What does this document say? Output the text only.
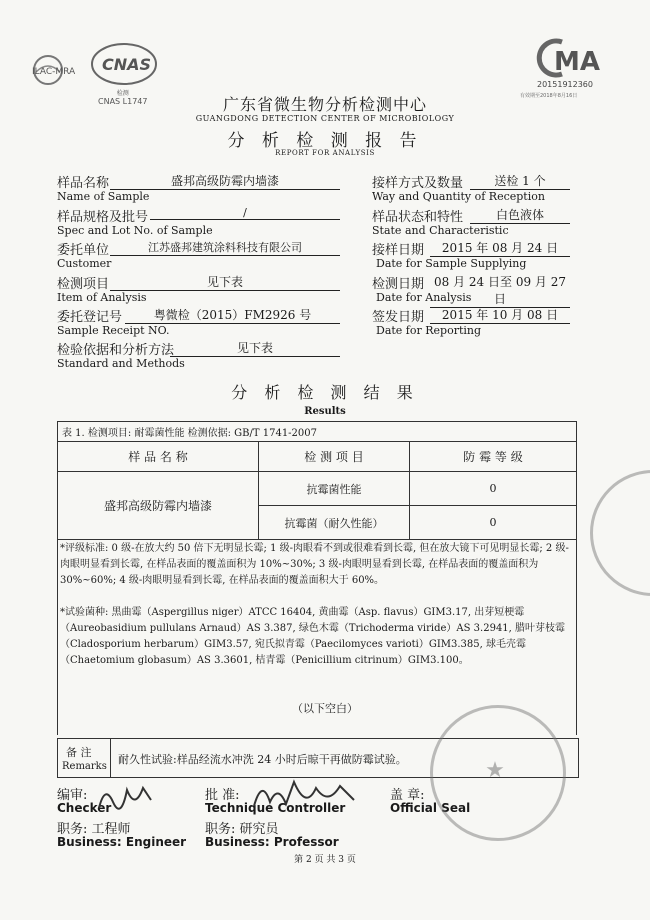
ILAC-MRA CNAS
检测
CNAS L1747
MA
20151912360
有效期至2018年8月16日
广东省微生物分析检测中心
GUANGDONG DETECTION CENTER OF MICROBIOLOGY
分 析 检 测 报 告
REPORT FOR ANALYSIS
样品名称	盛邦高级防霉内墙漆
Name of Sample
样品规格及批号	/
Spec and Lot No. of Sample
委托单位	江苏盛邦建筑涂料科技有限公司
Customer
检测项目	见下表
Item of Analysis
委托登记号	粤微检（2015）FM2926 号
Sample Receipt NO.
检验依据和分析方法	见下表
Standard and Methods
接样方式及数量	送检 1 个
Way and Quantity of Reception
样品状态和特性	白色液体
State and Characteristic
接样日期	2015 年 08 月 24 日
Date for Sample Supplying
检测日期 08 月 24 日至 09 月 27 日
Date for Analysis
签发日期	2015 年 10 月 08 日
Date for Reporting
分 析 检 测 结 果
Results
表 1. 检测项目: 耐霉菌性能 检测依据: GB/T 1741-2007		
样 品 名 称	检 测 项 目	防 霉 等 级
盛邦高级防霉内墙漆	抗霉菌性能	0
	抗霉菌（耐久性能）	0

*评级标准: 0 级-在放大约 50 倍下无明显长霉; 1 级-肉眼看不到或很难看到长霉, 但在放大镜下可见明显长霉; 2 级-肉眼明显看到长霉, 在样品表面的覆盖面积为 10%~30%; 3 级-肉眼明显看到长霉, 在样品表面的覆盖面积为 30%~60%; 4 级-肉眼明显看到长霉, 在样品表面的覆盖面积大于 60%。
*试验菌种: 黑曲霉（Aspergillus niger）ATCC 16404, 黄曲霉（Asp. flavus）GIM3.17, 出芽短梗霉（Aureobasidium pullulans Arnaud）AS 3.387, 绿色木霉（Trichoderma viride）AS 3.2941, 腊叶芽枝霉（Cladosporium herbarum）GIM3.57, 宛氏拟青霉（Paecilomyces varioti）GIM3.385, 球毛壳霉（Chaetomium globasum）AS 3.3601, 桔青霉（Penicillium citrinum）GIM3.100。
（以下空白）
备 注
Remarks
耐久性试验:样品经流水冲洗 24 小时后晾干再做防霉试验。
编审:
Checker
批 准:
Technique Controller
盖 章:
Official Seal
职务: 工程师
Business: Engineer
职务: 研究员
Business: Professor
★
第 2 页 共 3 页
